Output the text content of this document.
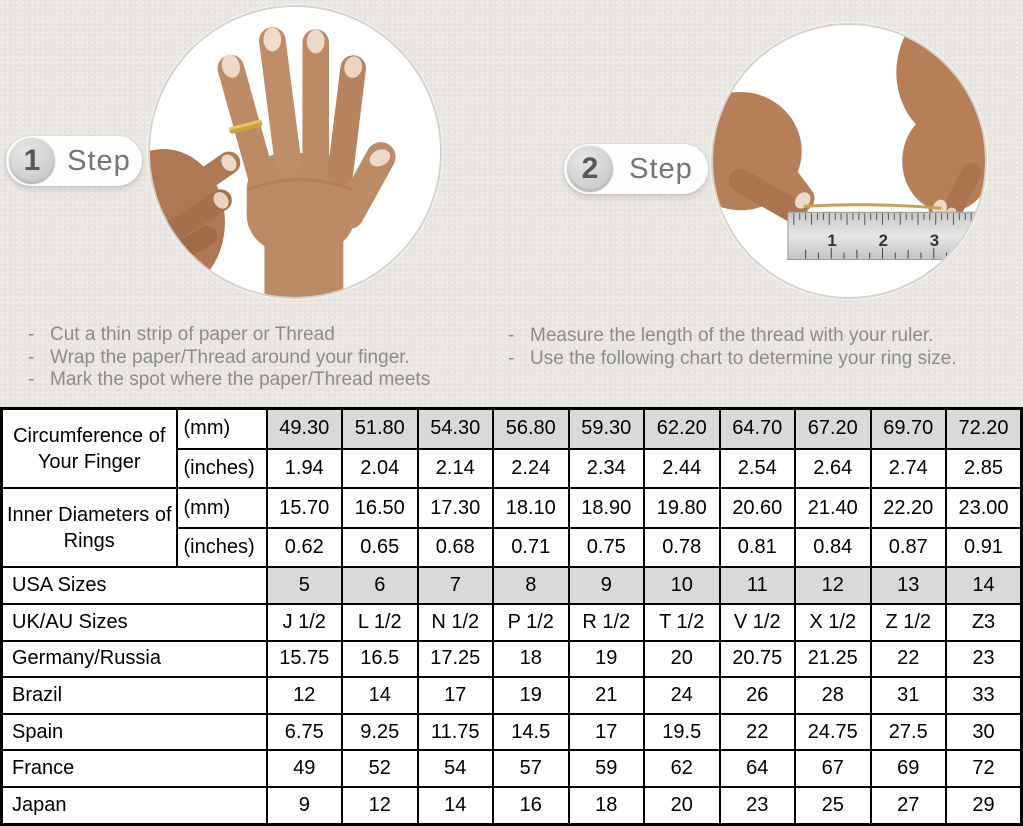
1 2 3
1 Step	2	Step
- Cut a thin strip of paper or Thread
- Wrap the paper/Thread around your finger.
- Mark the spot where the paper/Thread meets
- Measure the length of the thread with your ruler.
- Use the following chart to determine your ring size.
Circumference of Your Finger	(mm)	49.30	51.80	54.30	56.80	59.30	62.20	64.70	67.20	69.70	72.20
	(inches)	1.94	2.04	2.14	2.24	2.34	2.44	2.54	2.64	2.74	2.85
Inner Diameters of Rings	(mm)	15.70	16.50	17.30	18.10	18.90	19.80	20.60	21.40	22.20	23.00
	(inches)	0.62	0.65	0.68	0.71	0.75	0.78	0.81	0.84	0.87	0.91
USA Sizes		5	6	7	8	9	10	11	12	13	14
UK/AU Sizes		J 1/2	L 1/2	N 1/2	P 1/2	R 1/2	T 1/2	V 1/2	X 1/2	Z 1/2	Z3
Germany/Russia		15.75	16.5	17.25	18	19	20	20.75	21.25	22	23
Brazil		12	14	17	19	21	24	26	28	31	33
Spain		6.75	9.25	11.75	14.5	17	19.5	22	24.75	27.5	30
France		49	52	54	57	59	62	64	67	69	72
Japan		9	12	14	16	18	20	23	25	27	29
